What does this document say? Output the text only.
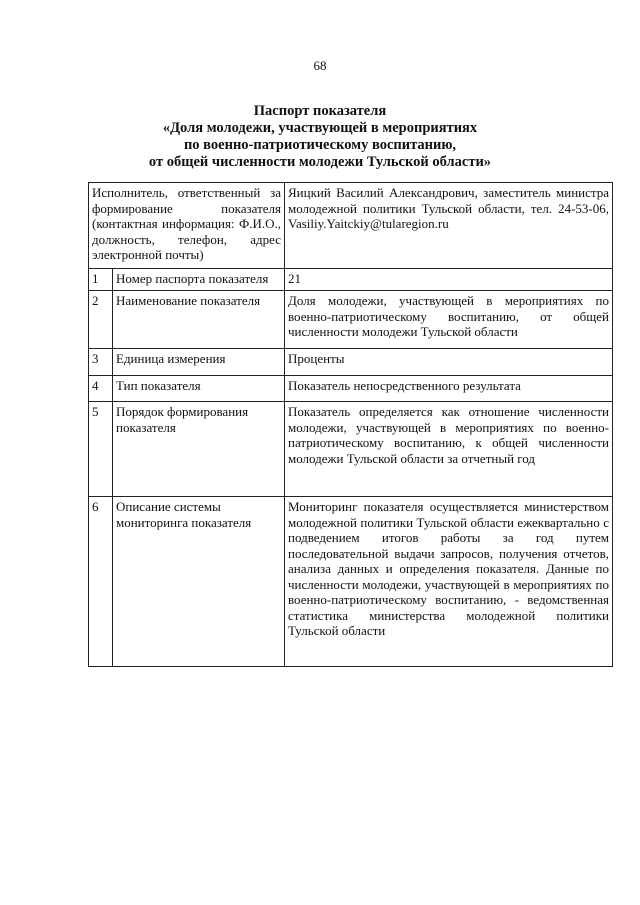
68
Паспорт показателя
«Доля молодежи, участвующей в мероприятиях
по военно-патриотическому воспитанию,
от общей численности молодежи Тульской области»
Исполнитель, ответственный за формирование показателя (контактная информация: Ф.И.О., должность, телефон, адрес электронной почты)		Яицкий Василий Александрович, заместитель министра молодежной политики Тульской области, тел. 24-53-06, Vasiliy.Yaitckiy@tularegion.ru
1	Номер паспорта показателя	21
2	Наименование показателя	Доля молодежи, участвующей в мероприятиях по военно-патриотическому воспитанию, от общей численности молодежи Тульской области
3	Единица измерения	Проценты
4	Тип показателя	Показатель непосредственного результата
5	Порядок формирования показателя	Показатель определяется как отношение численности молодежи, участвующей в мероприятиях по военно-патриотическому воспитанию, к общей численности молодежи Тульской области за отчетный год
6	Описание системы мониторинга показателя	Мониторинг показателя осуществляется министерством молодежной политики Тульской области ежеквартально с подведением итогов работы за год путем последовательной выдачи запросов, получения отчетов, анализа данных и определения показателя. Данные по численности молодежи, участвующей в мероприятиях по военно-патриотическому воспитанию, - ведомственная статистика министерства молодежной политики Тульской области
